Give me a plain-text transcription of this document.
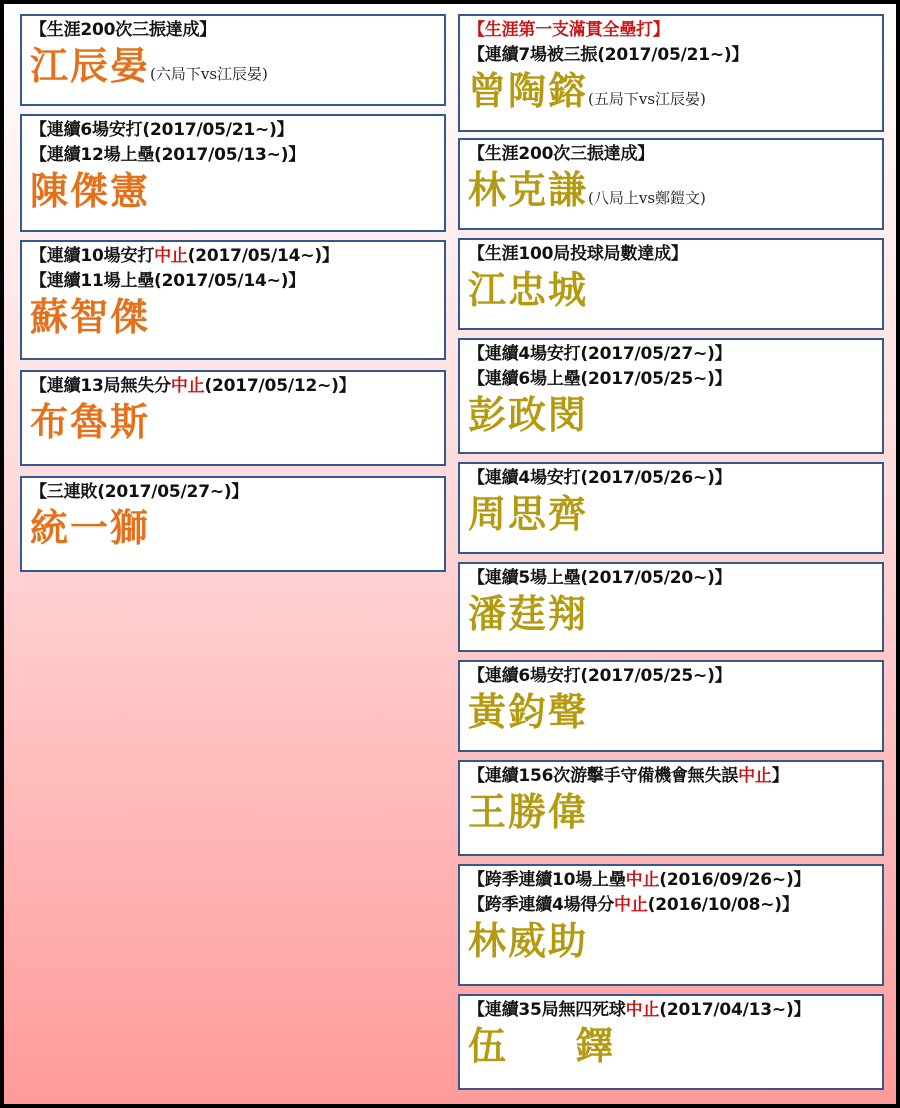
【生涯200次三振達成】
江辰晏(六局下vs江辰晏)
【連續6場安打(2017/05/21~)】
【連續12場上壘(2017/05/13~)】
陳傑憲
【連續10場安打中止(2017/05/14~)】
【連續11場上壘(2017/05/14~)】
蘇智傑
【連續13局無失分中止(2017/05/12~)】
布魯斯
【三連敗(2017/05/27~)】
統一獅
【生涯第一支滿貫全壘打】
【連續7場被三振(2017/05/21~)】
曾陶鎔(五局下vs江辰晏)
【生涯200次三振達成】
林克謙(八局上vs鄭鎧文)
【生涯100局投球局數達成】
江忠城
【連續4場安打(2017/05/27~)】
【連續6場上壘(2017/05/25~)】
彭政閔
【連續4場安打(2017/05/26~)】
周思齊
【連續5場上壘(2017/05/20~)】
潘莛翔
【連續6場安打(2017/05/25~)】
黃鈞聲
【連續156次游擊手守備機會無失誤中止】
王勝偉
【跨季連續10場上壘中止(2016/09/26~)】
【跨季連續4場得分中止(2016/10/08~)】
林威助
【連續35局無四死球中止(2017/04/13~)】
伍 鐸
